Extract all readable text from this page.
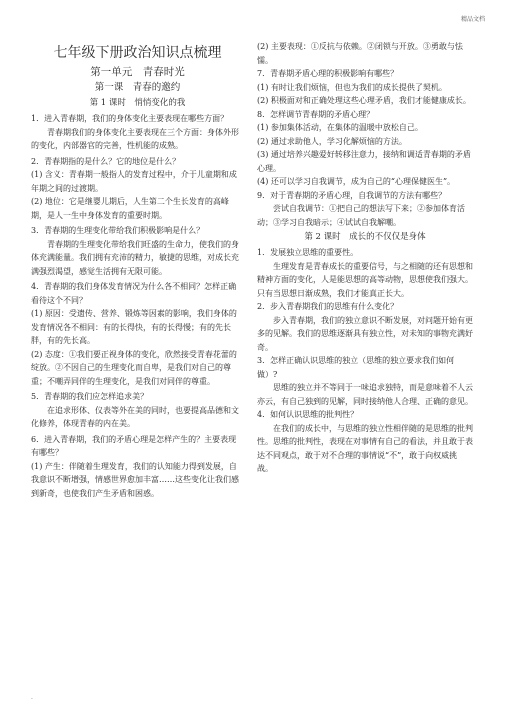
精品文档
七年级下册政治知识点梳理

第一单元　青春时光

第一课　青春的邀约

第 1 课时　悄悄变化的我

1．进入青春期，我们的身体变化主要表现在哪些方面？

青春期我们的身体变化主要表现在三个方面：身体外形的变化，内部器官的完善，性机能的成熟。

2．青春期指的是什么？它的地位是什么？

(1) 含义：青春期一般指人的发育过程中，介于儿童期和成年期之间的过渡期。

(2) 地位：它是继婴儿期后，人生第二个生长发育的高峰期，是人一生中身体发育的重要时期。

3．青春期的生理变化带给我们积极影响是什么？

青春期的生理变化带给我们旺盛的生命力，使我们的身体充满能量。我们拥有充沛的精力，敏捷的思维，对成长充满强烈渴望，感觉生活拥有无限可能。

4．青春期的我们身体发育情况为什么各不相同？怎样正确看待这个不同？

(1) 原因：受遗传、营养、锻炼等因素的影响，我们身体的发育情况各不相同：有的长得快，有的长得慢；有的先长胖，有的先长高。

(2) 态度：①我们要正视身体的变化，欣然接受青春花蕾的绽放。②不因自己的生理变化而自卑，是我们对自己的尊重；不嘲弄同伴的生理变化，是我们对同伴的尊重。

5．青春期的我们应怎样追求美？

在追求形体、仪表等外在美的同时，也要提高品德和文化修养，体现青春的内在美。

6．进入青春期，我们的矛盾心理是怎样产生的？主要表现有哪些？

(1) 产生：伴随着生理发育，我们的认知能力得到发展，自我意识不断增强，情感世界愈加丰富……这些变化让我们感到新奇，也使我们产生矛盾和困惑。

(2) 主要表现：①反抗与依赖。②闭锁与开放。③勇敢与怯懦。

7．青春期矛盾心理的积极影响有哪些？

(1) 有时让我们烦恼，但也为我们的成长提供了契机。

(2) 积极面对和正确处理这些心理矛盾，我们才能健康成长。

8．怎样调节青春期的矛盾心理？

(1) 参加集体活动，在集体的温暖中放松自己。

(2) 通过求助他人，学习化解烦恼的方法。

(3) 通过培养兴趣爱好转移注意力，接纳和调适青春期的矛盾心理。

(4) 还可以学习自我调节，成为自己的“心理保健医生”。

9．对于青春期的矛盾心理，自我调节的方法有哪些？

尝试自我调节：①把自己的想法写下来；②参加体育活动；③学习自我暗示；④试试自我解嘲。

第 2 课时　成长的不仅仅是身体

1．发展独立思维的重要性。

生理发育是青春成长的重要信号，与之相随的还有思想和精神方面的变化，人是能思想的高等动物，思想使我们强大。只有当思想日渐成熟，我们才能真正长大。

2．步入青春期我们的思维有什么变化？

步入青春期，我们的独立意识不断发展，对问题开始有更多的见解。我们的思维逐渐具有独立性，对未知的事物充满好奇。

3．怎样正确认识思维的独立（思维的独立要求我们如何做）?

思维的独立并不等同于一味追求独特，而是意味着不人云亦云，有自己独到的见解，同时接纳他人合理、正确的意见。

4．如何认识思维的批判性？

在我们的成长中，与思维的独立性相伴随的是思维的批判性。思维的批判性，表现在对事情有自己的看法，并且敢于表达不同观点，敢于对不合理的事情说“不”，敢于向权威挑战。

.
